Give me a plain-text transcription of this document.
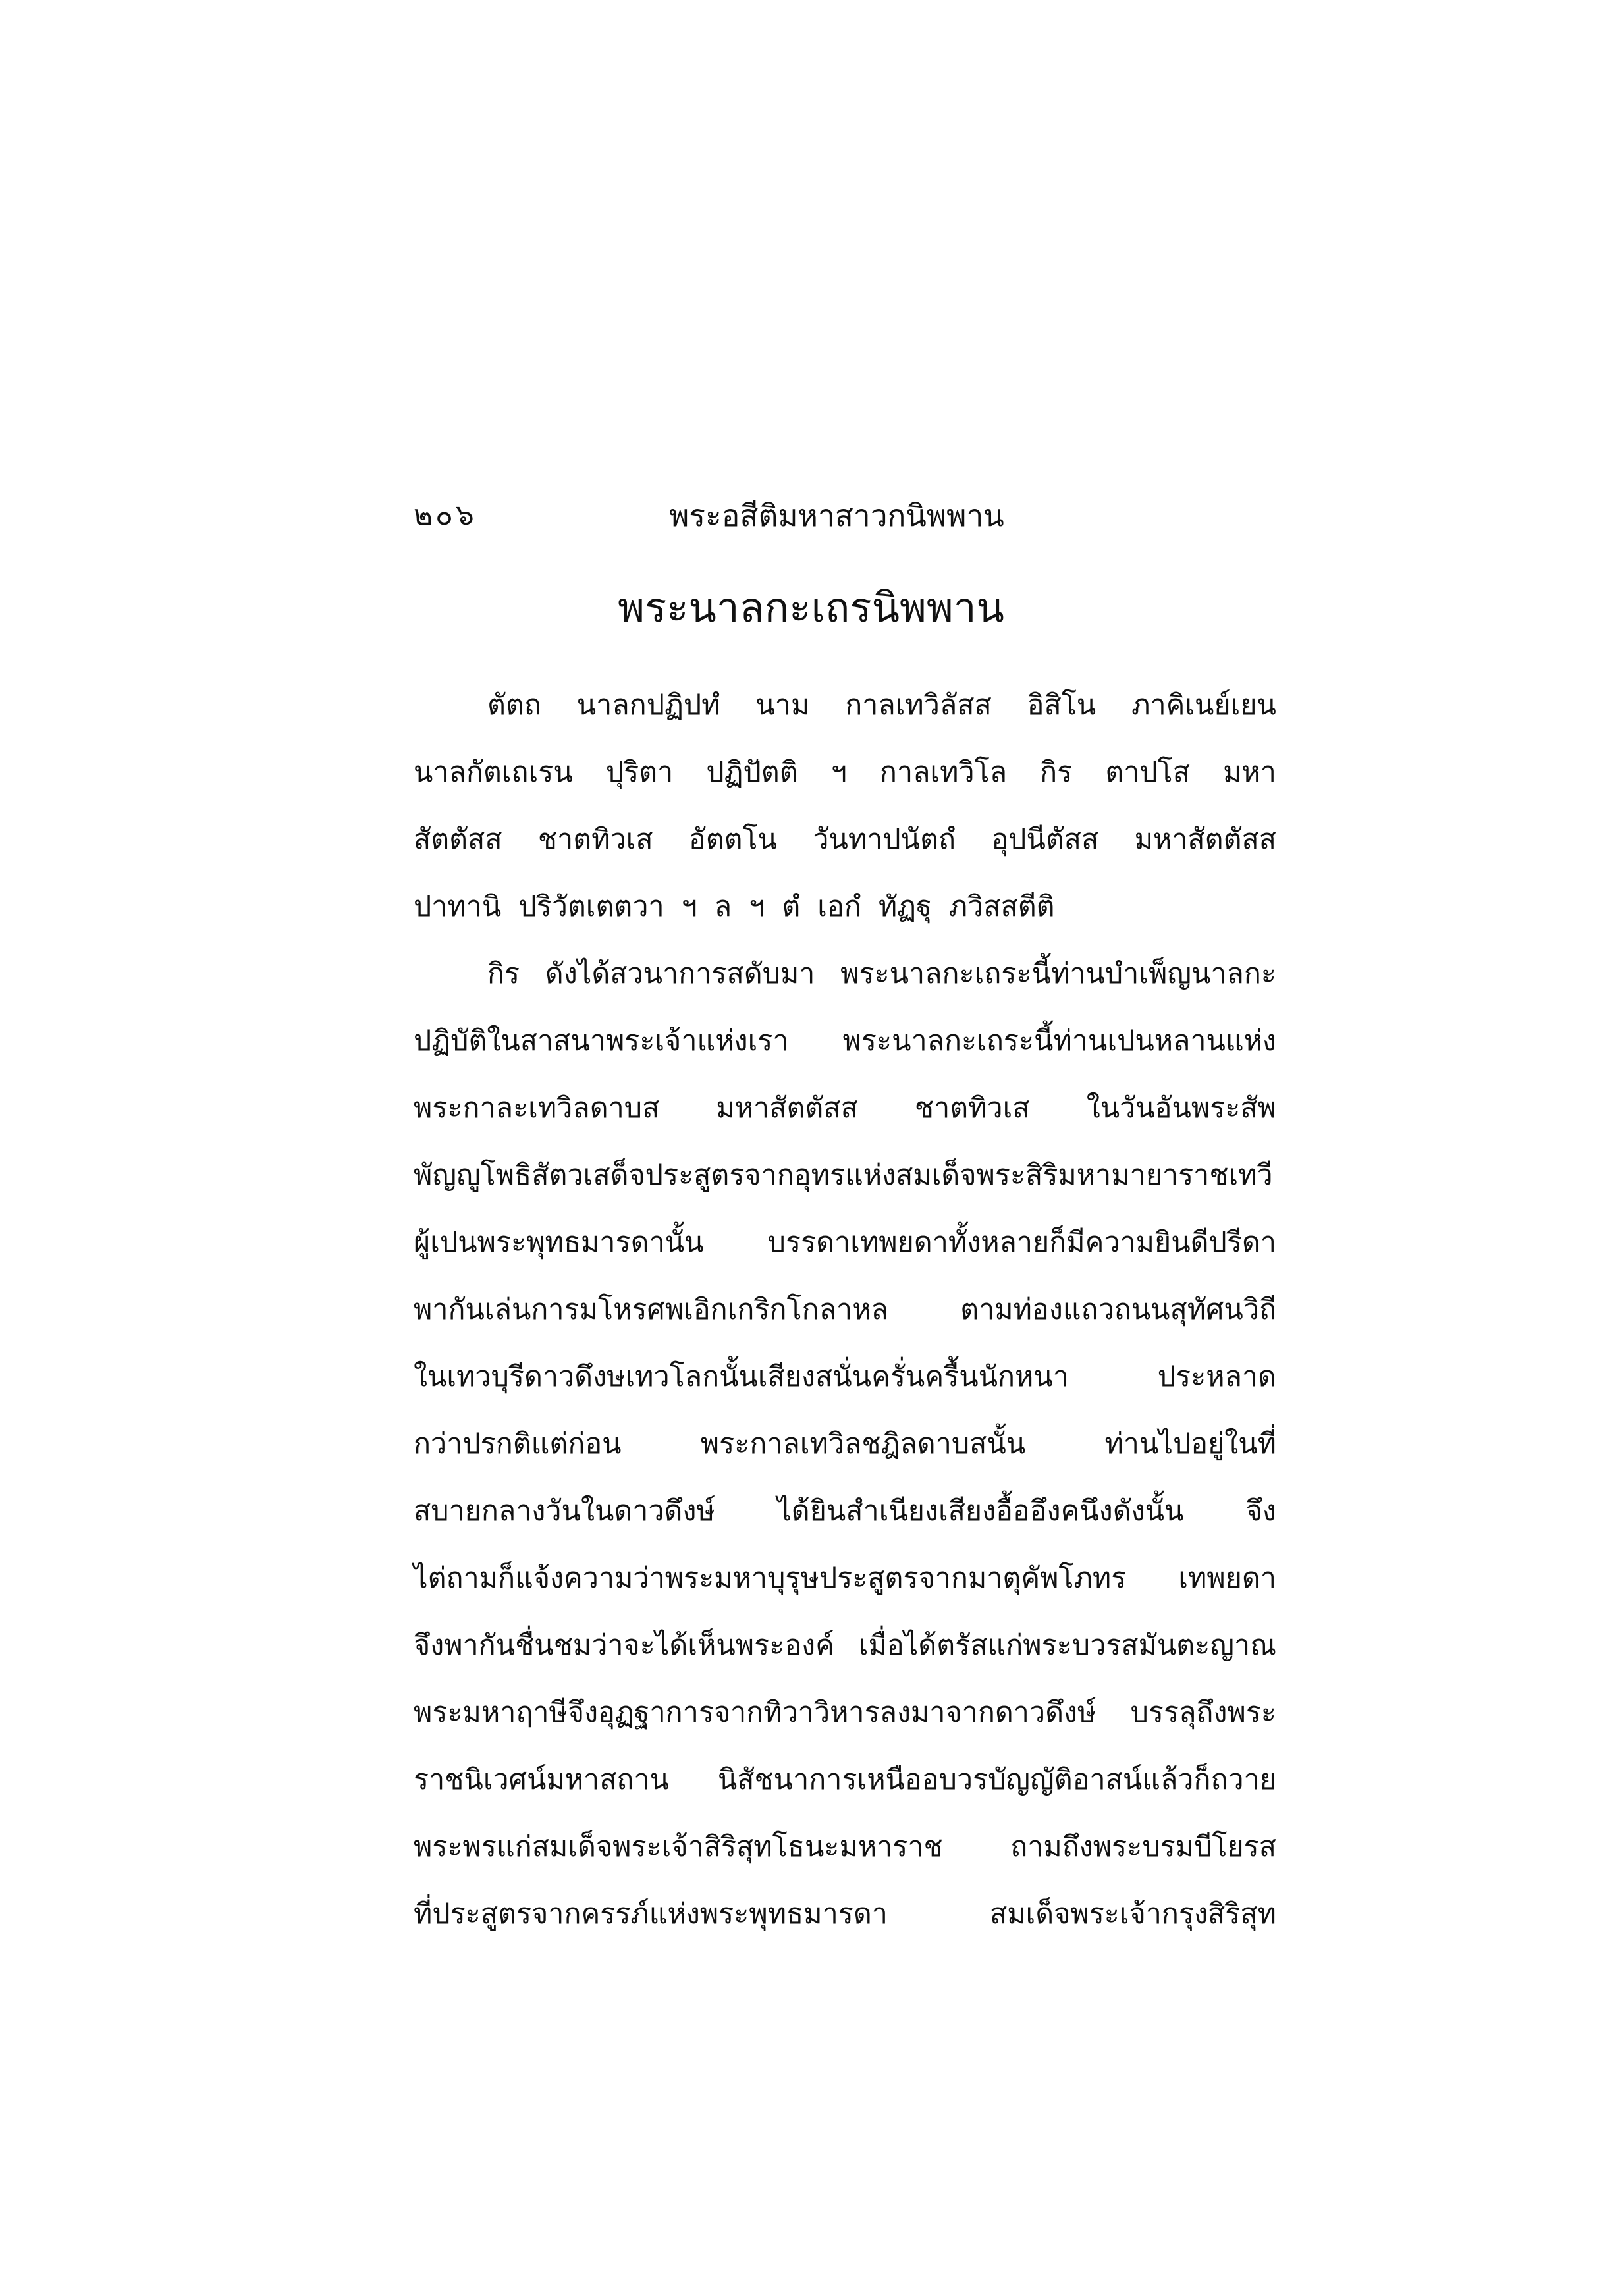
๒๐๖	พระอสีติมหาสาวกนิพพาน
พระนาลกะเถรนิพพาน
ตัตถ นาลกปฏิปทํ นาม กาลเทวิลัสส อิสิโน ภาคิเนย์เยน
นาลกัตเถเรน ปุริตา ปฏิปัตติ ฯ กาลเทวิโล กิร ตาปโส มหา
สัตตัสส ชาตทิวเส อัตตโน วันทาปนัตถํ อุปนีตัสส มหาสัตตัสส
ปาทานิ ปริวัตเตตวา ฯ ล ฯ ตํ เอกํ ทัฏฐุ ภวิสสตีติ
กิร ดังได้สวนาการสดับมา พระนาลกะเถระนี้ท่านบำเพ็ญนาลกะ
ปฏิบัติในสาสนาพระเจ้าแห่งเรา พระนาลกะเถระนี้ท่านเปนหลานแห่ง
พระกาละเทวิลดาบส มหาสัตตัสส ชาตทิวเส ในวันอันพระสัพ
พัญญูโพธิสัตวเสด็จประสูตรจากอุทรแห่งสมเด็จพระสิริมหามายาราชเทวี
ผู้เปนพระพุทธมารดานั้น บรรดาเทพยดาทั้งหลายก็มีความยินดีปรีดา
พากันเล่นการมโหรศพเอิกเกริกโกลาหล	ตามท่องแถวถนนสุทัศนวิถี
ในเทวบุรีดาวดึงษเทวโลกนั้นเสียงสนั่นครั่นครื้นนักหนา	ประหลาด
กว่าปรกติแต่ก่อน	พระกาลเทวิลชฎิลดาบสนั้น	ท่านไปอยู่ในที่
สบายกลางวันในดาวดึงษ์ ได้ยินสำเนียงเสียงอื้ออึงคนึงดังนั้น จึง
ไต่ถามก็แจ้งความว่าพระมหาบุรุษประสูตรจากมาตุคัพโภทร เทพยดา
จึงพากันชื่นชมว่าจะได้เห็นพระองค์ เมื่อได้ตรัสแก่พระบวรสมันตะญาณ
พระมหาฤาษีจึงอุฏฐาการจากทิวาวิหารลงมาจากดาวดึงษ์ บรรลุถึงพระ
ราชนิเวศน์มหาสถาน นิสัชนาการเหนืออบวรบัญญัติอาสน์แล้วก็ถวาย
พระพรแก่สมเด็จพระเจ้าสิริสุทโธนะมหาราช ถามถึงพระบรมบีโยรส
ที่ประสูตรจากครรภ์แห่งพระพุทธมารดา	สมเด็จพระเจ้ากรุงสิริสุท
